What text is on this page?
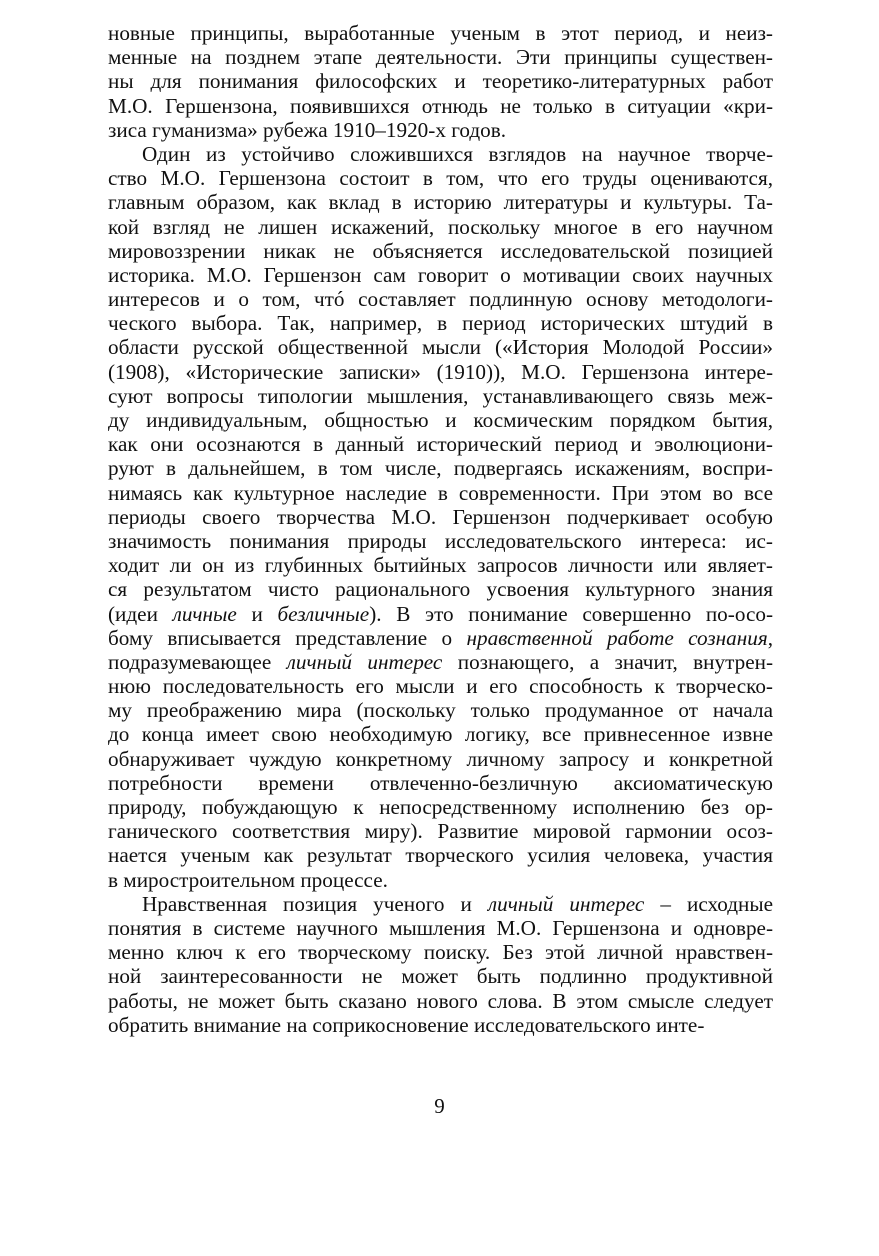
новные принципы, выработанные ученым в этот период, и неиз-
менные на позднем этапе деятельности. Эти принципы существен-
ны для понимания философских и теоретико-литературных работ
М.О. Гершензона, появившихся отнюдь не только в ситуации «кри-
зиса гуманизма» рубежа 1910–1920-х годов.
Один из устойчиво сложившихся взглядов на научное творче-
ство М.О. Гершензона состоит в том, что его труды оцениваются,
главным образом, как вклад в историю литературы и культуры. Та-
кой взгляд не лишен искажений, поскольку многое в его научном
мировоззрении никак не объясняется исследовательской позицией
историка. М.О. Гершензон сам говорит о мотивации своих научных
интересов и о том, чтó составляет подлинную основу методологи-
ческого выбора. Так, например, в период исторических штудий в
области русской общественной мысли («История Молодой России»
(1908), «Исторические записки» (1910)), М.О. Гершензона интере-
суют вопросы типологии мышления, устанавливающего связь меж-
ду индивидуальным, общностью и космическим порядком бытия,
как они осознаются в данный исторический период и эволюциони-
руют в дальнейшем, в том числе, подвергаясь искажениям, воспри-
нимаясь как культурное наследие в современности. При этом во все
периоды своего творчества М.О. Гершензон подчеркивает особую
значимость понимания природы исследовательского интереса: ис-
ходит ли он из глубинных бытийных запросов личности или являет-
ся результатом чисто рационального усвоения культурного знания
(идеи личные и безличные). В это понимание совершенно по-осо-
бому вписывается представление о нравственной работе сознания,
подразумевающее личный интерес познающего, а значит, внутрен-
нюю последовательность его мысли и его способность к творческо-
му преображению мира (поскольку только продуманное от начала
до конца имеет свою необходимую логику, все привнесенное извне
обнаруживает чуждую конкретному личному запросу и конкретной
потребности времени отвлеченно-безличную аксиоматическую
природу, побуждающую к непосредственному исполнению без ор-
ганического соответствия миру). Развитие мировой гармонии осоз-
нается ученым как результат творческого усилия человека, участия
в миростроительном процессе.
Нравственная позиция ученого и личный интерес – исходные
понятия в системе научного мышления М.О. Гершензона и одновре-
менно ключ к его творческому поиску. Без этой личной нравствен-
ной заинтересованности не может быть подлинно продуктивной
работы, не может быть сказано нового слова. В этом смысле следует
обратить внимание на соприкосновение исследовательского инте-
9
